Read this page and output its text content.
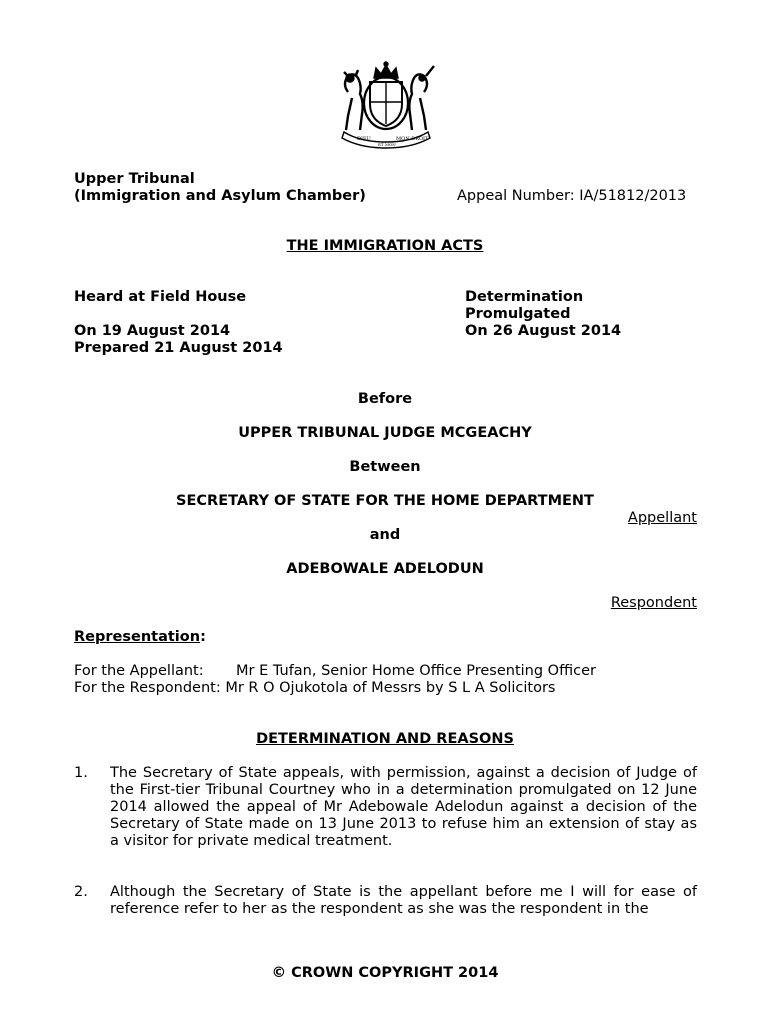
DIEU	MON DROIT
ET MON
Upper Tribunal
(Immigration and Asylum Chamber)	Appeal Number: IA/51812/2013
THE IMMIGRATION ACTS
Heard at Field House
On 19 August 2014
Prepared 21 August 2014
Determination
Promulgated
On 26 August 2014
Before
UPPER TRIBUNAL JUDGE MCGEACHY
Between
SECRETARY OF STATE FOR THE HOME DEPARTMENT
Appellant
and
ADEBOWALE ADELODUN
Respondent
Representation:
For the Appellant: Mr E Tufan, Senior Home Office Presenting Officer
For the Respondent: Mr R O Ojukotola of Messrs by S L A Solicitors
DETERMINATION AND REASONS
1. The Secretary of State appeals, with permission, against a decision of Judge of the First-tier Tribunal Courtney who in a determination promulgated on 12 June 2014 allowed the appeal of Mr Adebowale Adelodun against a decision of the Secretary of State made on 13 June 2013 to refuse him an extension of stay as a visitor for private medical treatment.
2. Although the Secretary of State is the appellant before me I will for ease of reference refer to her as the respondent as she was the respondent in the
© CROWN COPYRIGHT 2014
